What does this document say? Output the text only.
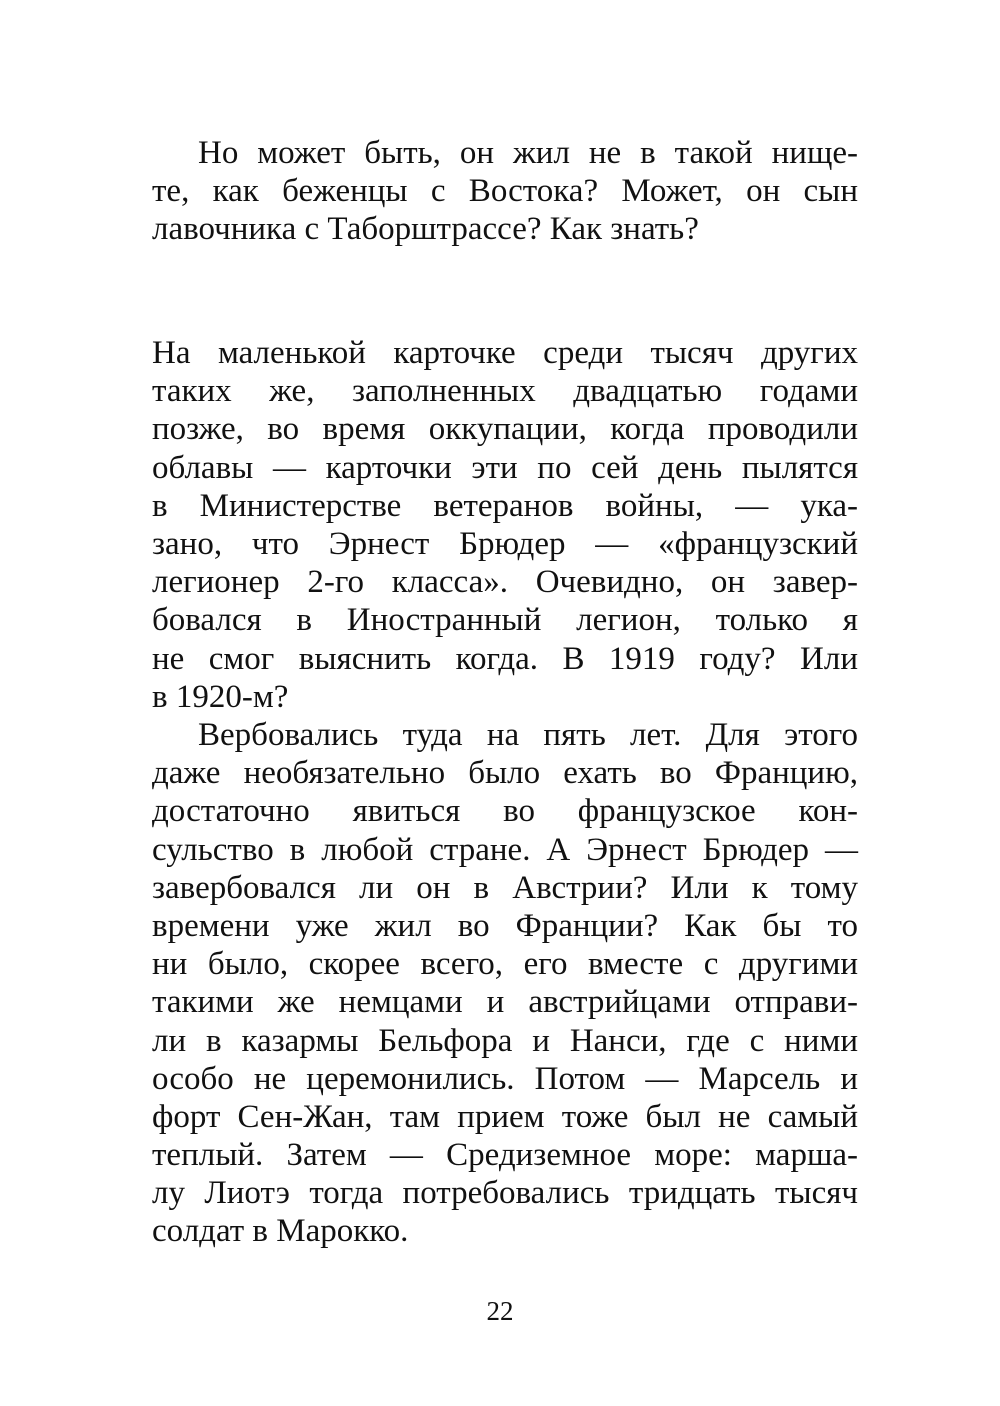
Но может быть, он жил не в такой нище-
те, как беженцы с Востока? Может, он сын
лавочника с Таборштрассе? Как знать?
На маленькой карточке среди тысяч других
таких же, заполненных двадцатью годами
позже, во время оккупации, когда проводили
облавы — карточки эти по сей день пылятся
в Министерстве ветеранов войны, — ука-
зано, что Эрнест Брюдер — «французский
легионер 2-го класса». Очевидно, он завер-
бовался в Иностранный легион, только я
не смог выяснить когда. В 1919 году? Или
в 1920-м?
Вербовались туда на пять лет. Для этого
даже необязательно было ехать во Францию,
достаточно явиться во французское кон-
сульство в любой стране. А Эрнест Брюдер —
завербовался ли он в Австрии? Или к тому
времени уже жил во Франции? Как бы то
ни было, скорее всего, его вместе с другими
такими же немцами и австрийцами отправи-
ли в казармы Бельфора и Нанси, где с ними
особо не церемонились. Потом — Марсель и
форт Сен-Жан, там прием тоже был не самый
теплый. Затем — Средиземное море: марша-
лу Лиотэ тогда потребовались тридцать тысяч
солдат в Марокко.
22
